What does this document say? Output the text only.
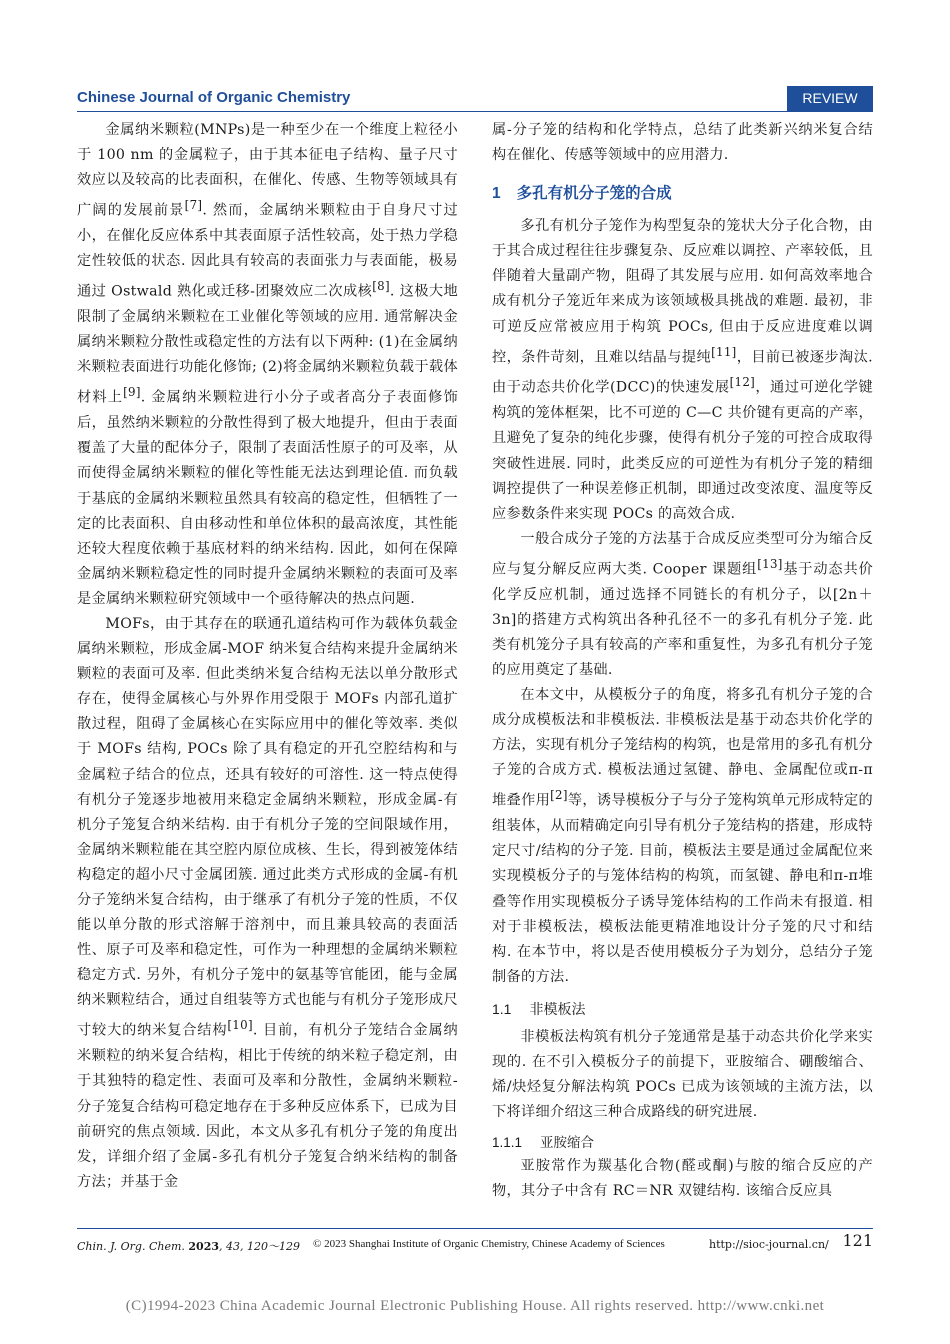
Chinese Journal of Organic Chemistry	REVIEW

金属纳米颗粒(MNPs)是一种至少在一个维度上粒径小于 100 nm 的金属粒子，由于其本征电子结构、量子尺寸效应以及较高的比表面积，在催化、传感、生物等领域具有广阔的发展前景[7]. 然而，金属纳米颗粒由于自身尺寸过小，在催化反应体系中其表面原子活性较高，处于热力学稳定性较低的状态. 因此具有较高的表面张力与表面能，极易通过 Ostwald 熟化或迁移-团聚效应二次成核[8]. 这极大地限制了金属纳米颗粒在工业催化等领域的应用. 通常解决金属纳米颗粒分散性或稳定性的方法有以下两种: (1)在金属纳米颗粒表面进行功能化修饰; (2)将金属纳米颗粒负载于载体材料上[9]. 金属纳米颗粒进行小分子或者高分子表面修饰后，虽然纳米颗粒的分散性得到了极大地提升，但由于表面覆盖了大量的配体分子，限制了表面活性原子的可及率，从而使得金属纳米颗粒的催化等性能无法达到理论值. 而负载于基底的金属纳米颗粒虽然具有较高的稳定性，但牺牲了一定的比表面积、自由移动性和单位体积的最高浓度，其性能还较大程度依赖于基底材料的纳米结构. 因此，如何在保障金属纳米颗粒稳定性的同时提升金属纳米颗粒的表面可及率是金属纳米颗粒研究领域中一个亟待解决的热点问题.

MOFs，由于其存在的联通孔道结构可作为载体负载金属纳米颗粒，形成金属-MOF 纳米复合结构来提升金属纳米颗粒的表面可及率. 但此类纳米复合结构无法以单分散形式存在，使得金属核心与外界作用受限于 MOFs 内部孔道扩散过程，阻碍了金属核心在实际应用中的催化等效率. 类似于 MOFs 结构, POCs 除了具有稳定的开孔空腔结构和与金属粒子结合的位点，还具有较好的可溶性. 这一特点使得有机分子笼逐步地被用来稳定金属纳米颗粒，形成金属-有机分子笼复合纳米结构. 由于有机分子笼的空间限域作用，金属纳米颗粒能在其空腔内原位成核、生长，得到被笼体结构稳定的超小尺寸金属团簇. 通过此类方式形成的金属-有机分子笼纳米复合结构，由于继承了有机分子笼的性质，不仅能以单分散的形式溶解于溶剂中，而且兼具较高的表面活性、原子可及率和稳定性，可作为一种理想的金属纳米颗粒稳定方式. 另外，有机分子笼中的氨基等官能团，能与金属纳米颗粒结合，通过自组装等方式也能与有机分子笼形成尺寸较大的纳米复合结构[10]. 目前，有机分子笼结合金属纳米颗粒的纳米复合结构，相比于传统的纳米粒子稳定剂，由于其独特的稳定性、表面可及率和分散性，金属纳米颗粒-分子笼复合结构可稳定地存在于多种反应体系下，已成为目前研究的焦点领域. 因此，本文从多孔有机分子笼的角度出发，详细介绍了金属-多孔有机分子笼复合纳米结构的制备方法；并基于金

属-分子笼的结构和化学特点，总结了此类新兴纳米复合结构在催化、传感等领域中的应用潜力.

1 多孔有机分子笼的合成

多孔有机分子笼作为构型复杂的笼状大分子化合物，由于其合成过程往往步骤复杂、反应难以调控、产率较低，且伴随着大量副产物，阻碍了其发展与应用. 如何高效率地合成有机分子笼近年来成为该领域极具挑战的难题. 最初，非可逆反应常被应用于构筑 POCs, 但由于反应进度难以调控，条件苛刻，且难以结晶与提纯[11]，目前已被逐步淘汰. 由于动态共价化学(DCC)的快速发展[12]，通过可逆化学键构筑的笼体框架，比不可逆的 C—C 共价键有更高的产率，且避免了复杂的纯化步骤，使得有机分子笼的可控合成取得突破性进展. 同时，此类反应的可逆性为有机分子笼的精细调控提供了一种误差修正机制，即通过改变浓度、温度等反应参数条件来实现 POCs 的高效合成.

一般合成分子笼的方法基于合成反应类型可分为缩合反应与复分解反应两大类. Cooper 课题组[13]基于动态共价化学反应机制，通过选择不同链长的有机分子，以[2n＋3n]的搭建方式构筑出各种孔径不一的多孔有机分子笼. 此类有机笼分子具有较高的产率和重复性，为多孔有机分子笼的应用奠定了基础.

在本文中，从模板分子的角度，将多孔有机分子笼的合成分成模板法和非模板法. 非模板法是基于动态共价化学的方法，实现有机分子笼结构的构筑，也是常用的多孔有机分子笼的合成方式. 模板法通过氢键、静电、金属配位或π-π堆叠作用[2]等，诱导模板分子与分子笼构筑单元形成特定的组装体，从而精确定向引导有机分子笼结构的搭建，形成特定尺寸/结构的分子笼. 目前，模板法主要是通过金属配位来实现模板分子的与笼体结构的构筑，而氢键、静电和π-π堆叠等作用实现模板分子诱导笼体结构的工作尚未有报道. 相对于非模板法，模板法能更精准地设计分子笼的尺寸和结构. 在本节中，将以是否使用模板分子为划分，总结分子笼制备的方法.

1.1 非模板法

非模板法构筑有机分子笼通常是基于动态共价化学来实现的. 在不引入模板分子的前提下，亚胺缩合、硼酸缩合、烯/炔烃复分解法构筑 POCs 已成为该领域的主流方法，以下将详细介绍这三种合成路线的研究进展.

1.1.1 亚胺缩合

亚胺常作为羰基化合物(醛或酮)与胺的缩合反应的产物，其分子中含有 RC＝NR 双键结构. 该缩合反应具

Chin. J. Org. Chem. 2023, 43, 120～129 © 2023 Shanghai Institute of Organic Chemistry, Chinese Academy of Sciences	http://sioc-journal.cn/ 121
(C)1994-2023 China Academic Journal Electronic Publishing House. All rights reserved. http://www.cnki.net
